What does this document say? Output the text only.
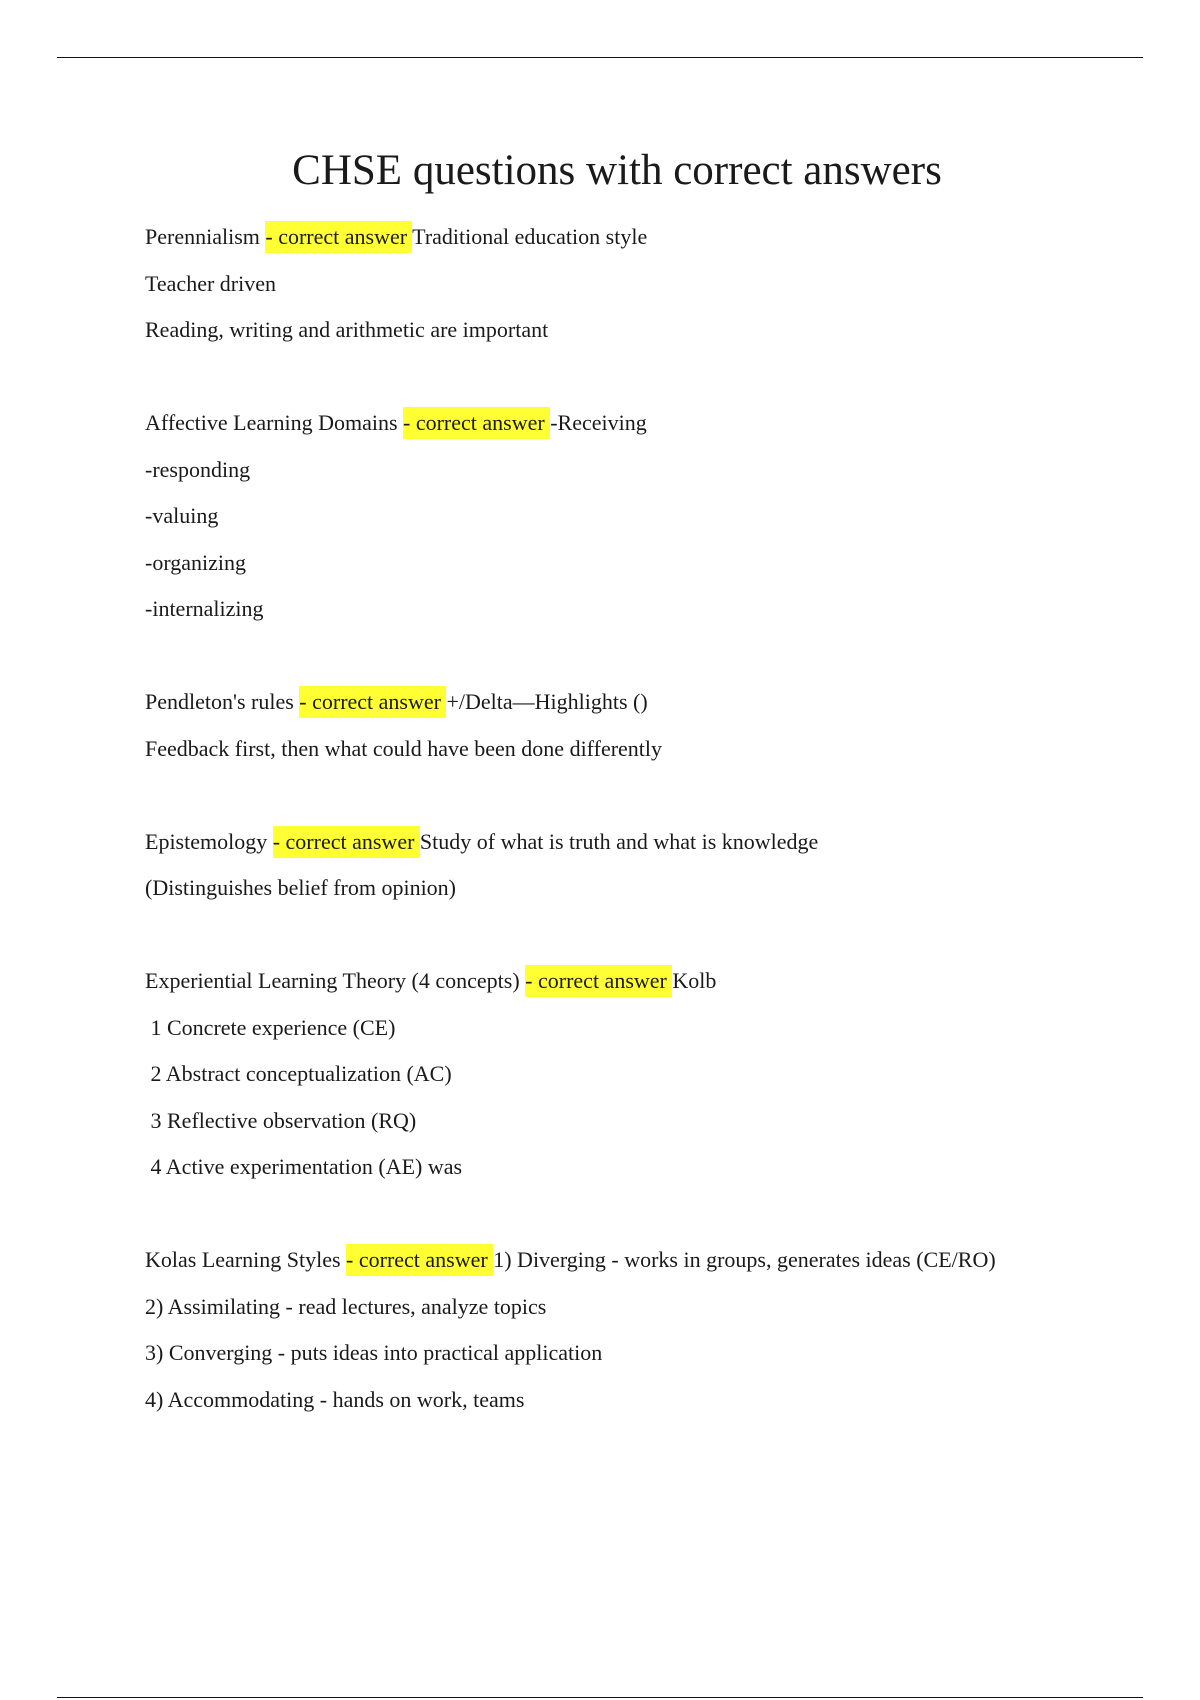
CHSE questions with correct answers

Perennialism - correct answer Traditional education style

Teacher driven

Reading, writing and arithmetic are important

Affective Learning Domains - correct answer -Receiving

-responding

-valuing

-organizing

-internalizing

Pendleton's rules - correct answer +/Delta—Highlights ()

Feedback first, then what could have been done differently

Epistemology - correct answer Study of what is truth and what is knowledge

(Distinguishes belief from opinion)

Experiential Learning Theory (4 concepts) - correct answer Kolb

1 Concrete experience (CE)

2 Abstract conceptualization (AC)

3 Reflective observation (RQ)

4 Active experimentation (AE) was

Kolas Learning Styles - correct answer 1) Diverging - works in groups, generates ideas (CE/RO)

2) Assimilating - read lectures, analyze topics

3) Converging - puts ideas into practical application

4) Accommodating - hands on work, teams
